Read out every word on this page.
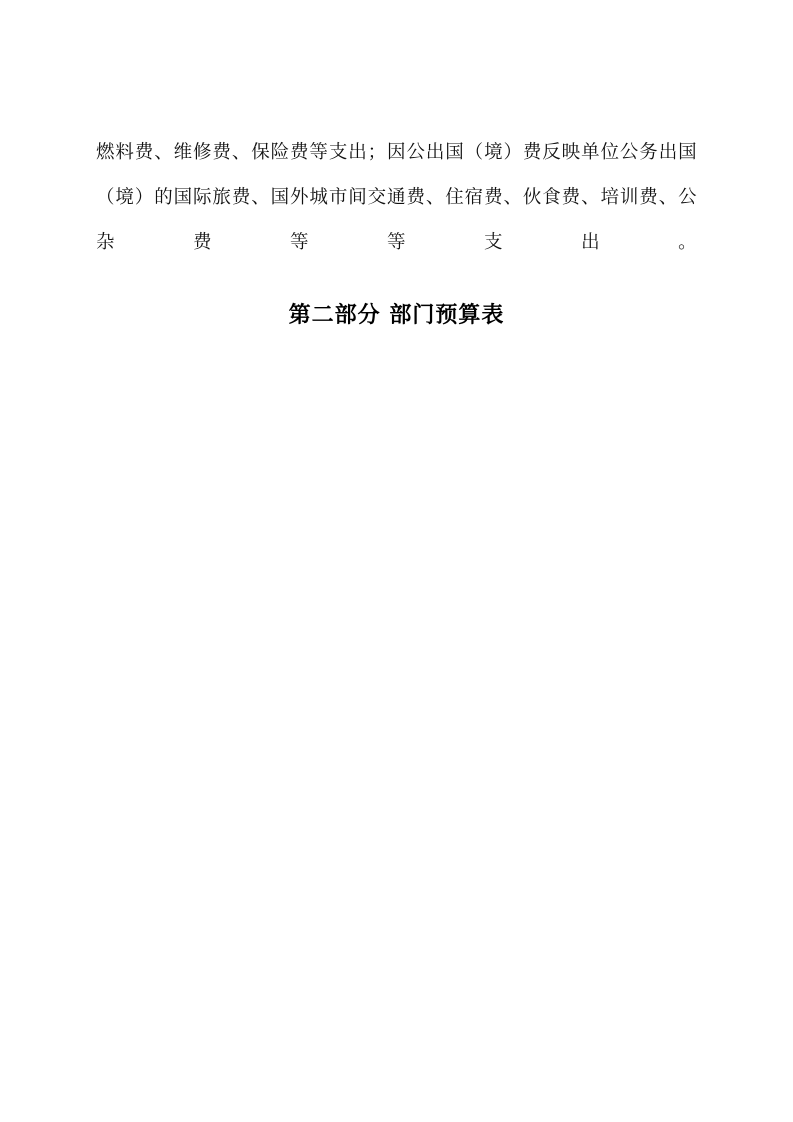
燃料费、维修费、保险费等支出；因公出国（境）费反映单位公务出国（境）的国际旅费、国外城市间交通费、住宿费、伙食费、培训费、公杂费等等支出。

第二部分 部门预算表
